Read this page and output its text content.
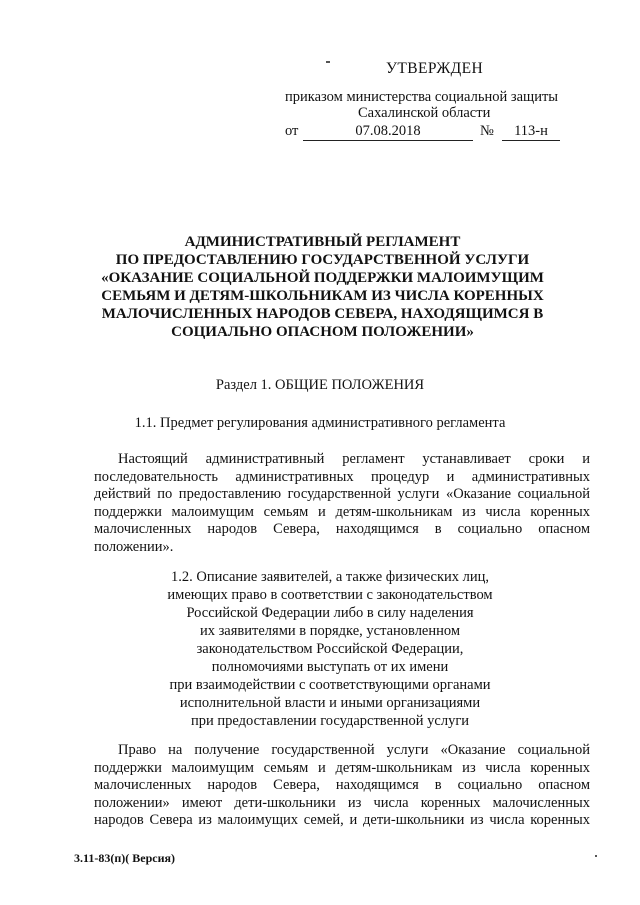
УТВЕРЖДЕН
приказом министерства социальной защиты
Сахалинской области
от	07.08.2018	№	113-н
АДМИНИСТРАТИВНЫЙ РЕГЛАМЕНТ
ПО ПРЕДОСТАВЛЕНИЮ ГОСУДАРСТВЕННОЙ УСЛУГИ
«ОКАЗАНИЕ СОЦИАЛЬНОЙ ПОДДЕРЖКИ МАЛОИМУЩИМ
СЕМЬЯМ И ДЕТЯМ-ШКОЛЬНИКАМ ИЗ ЧИСЛА КОРЕННЫХ
МАЛОЧИСЛЕННЫХ НАРОДОВ СЕВЕРА, НАХОДЯЩИМСЯ В
СОЦИАЛЬНО ОПАСНОМ ПОЛОЖЕНИИ»
Раздел 1. ОБЩИЕ ПОЛОЖЕНИЯ
1.1. Предмет регулирования административного регламента
Настоящий административный регламент устанавливает сроки и
последовательность административных процедур и административных
действий по предоставлению государственной услуги «Оказание социальной
поддержки малоимущим семьям и детям-школьникам из числа коренных
малочисленных народов Севера, находящимся в социально опасном
положении».
1.2. Описание заявителей, а также физических лиц,
имеющих право в соответствии с законодательством
Российской Федерации либо в силу наделения
их заявителями в порядке, установленном
законодательством Российской Федерации,
полномочиями выступать от их имени
при взаимодействии с соответствующими органами
исполнительной власти и иными организациями
при предоставлении государственной услуги
Право на получение государственной услуги «Оказание социальной
поддержки малоимущим семьям и детям-школьникам из числа коренных
малочисленных народов Севера, находящимся в социально опасном
положении» имеют дети-школьники из числа коренных малочисленных
народов Севера из малоимущих семей, и дети-школьники из числа коренных
3.11-83(п)( Версия)
